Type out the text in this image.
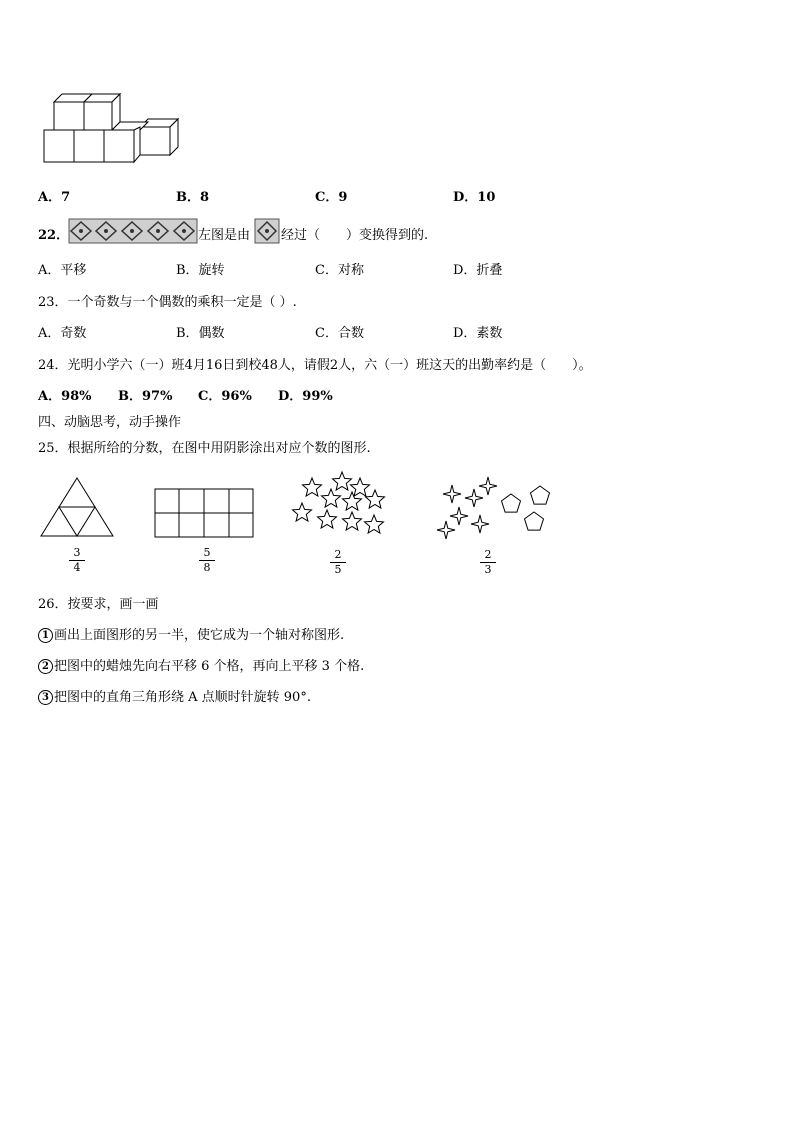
A．7	B．8	C．9	D．10
22．	左图是由 经过（　　）变换得到的.
A．平移	B．旋转	C．对称	D．折叠
23．一个奇数与一个偶数的乘积一定是（ ）.
A．奇数	B．偶数	C．合数	D．素数
24．光明小学六（一）班4月16日到校48人，请假2人，六（一）班这天的出勤率约是（　　）。
A．98% B．97% C．96% D．99%
四、动脑思考，动手操作
25．根据所给的分数，在图中用阴影涂出对应个数的图形.
3
4
5
8
2
5
2
3
26．按要求，画一画
1 画出上面图形的另一半，使它成为一个轴对称图形.
2 把图中的蜡烛先向右平移 6 个格，再向上平移 3 个格.
3 把图中的直角三角形绕 A 点顺时针旋转 90°.
